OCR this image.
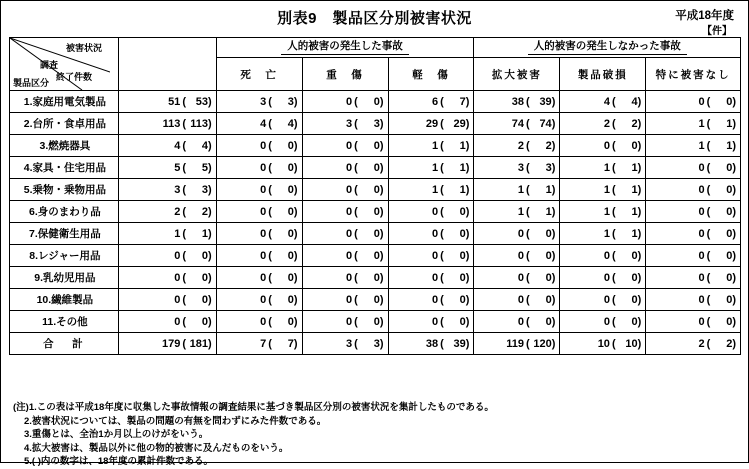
別表9　製品区分別被害状況	平成18年度
【件】
被害状況
調査
終了件数
製品区分		人的被害の発生した事故			人的被害の発生しなかった事故		
		死　亡	重　傷	軽　傷	拡大被害	製品破損	特に被害なし
1.家庭用電気製品	51 ( 53 )	3 ( 3 )	0 ( 0 )	6 ( 7 )	38 ( 39 )	4 ( 4 )	0 ( 0 )

2.台所・食卓用品	113 ( 113 )	4 ( 4 )	3 ( 3 )	29 ( 29 )	74 ( 74 )	2 ( 2 )	1 ( 1 )

3.燃焼器具	4 ( 4 )	0 ( 0 )	0 ( 0 )	1 ( 1 )	2 ( 2 )	0 ( 0 )	1 ( 1 )

4.家具・住宅用品	5 ( 5 )	0 ( 0 )	0 ( 0 )	1 ( 1 )	3 ( 3 )	1 ( 1 )	0 ( 0 )

5.乗物・乗物用品	3 ( 3 )	0 ( 0 )	0 ( 0 )	1 ( 1 )	1 ( 1 )	1 ( 1 )	0 ( 0 )

6.身のまわり品	2 ( 2 )	0 ( 0 )	0 ( 0 )	0 ( 0 )	1 ( 1 )	1 ( 1 )	0 ( 0 )

7.保健衛生用品	1 ( 1 )	0 ( 0 )	0 ( 0 )	0 ( 0 )	0 ( 0 )	1 ( 1 )	0 ( 0 )

8.レジャー用品	0 ( 0 )	0 ( 0 )	0 ( 0 )	0 ( 0 )	0 ( 0 )	0 ( 0 )	0 ( 0 )

9.乳幼児用品	0 ( 0 )	0 ( 0 )	0 ( 0 )	0 ( 0 )	0 ( 0 )	0 ( 0 )	0 ( 0 )

10.繊維製品	0 ( 0 )	0 ( 0 )	0 ( 0 )	0 ( 0 )	0 ( 0 )	0 ( 0 )	0 ( 0 )

11.その他	0 ( 0 )	0 ( 0 )	0 ( 0 )	0 ( 0 )	0 ( 0 )	0 ( 0 )	0 ( 0 )

合　計	179 ( 181 )	7 ( 7 )	3 ( 3 )	38 ( 39 )	119 ( 120 )	10 ( 10 )	2 ( 2 )
(注)1.この表は平成18年度に収集した事故情報の調査結果に基づき製品区分別の被害状況を集計したものである。
2.被害状況については、製品の問題の有無を問わずにみた件数である。
3.重傷とは、全治1か月以上のけがをいう。
4.拡大被害は、製品以外に他の物的被害に及んだものをいう。
5.( )内の数字は、18年度の累計件数である。
